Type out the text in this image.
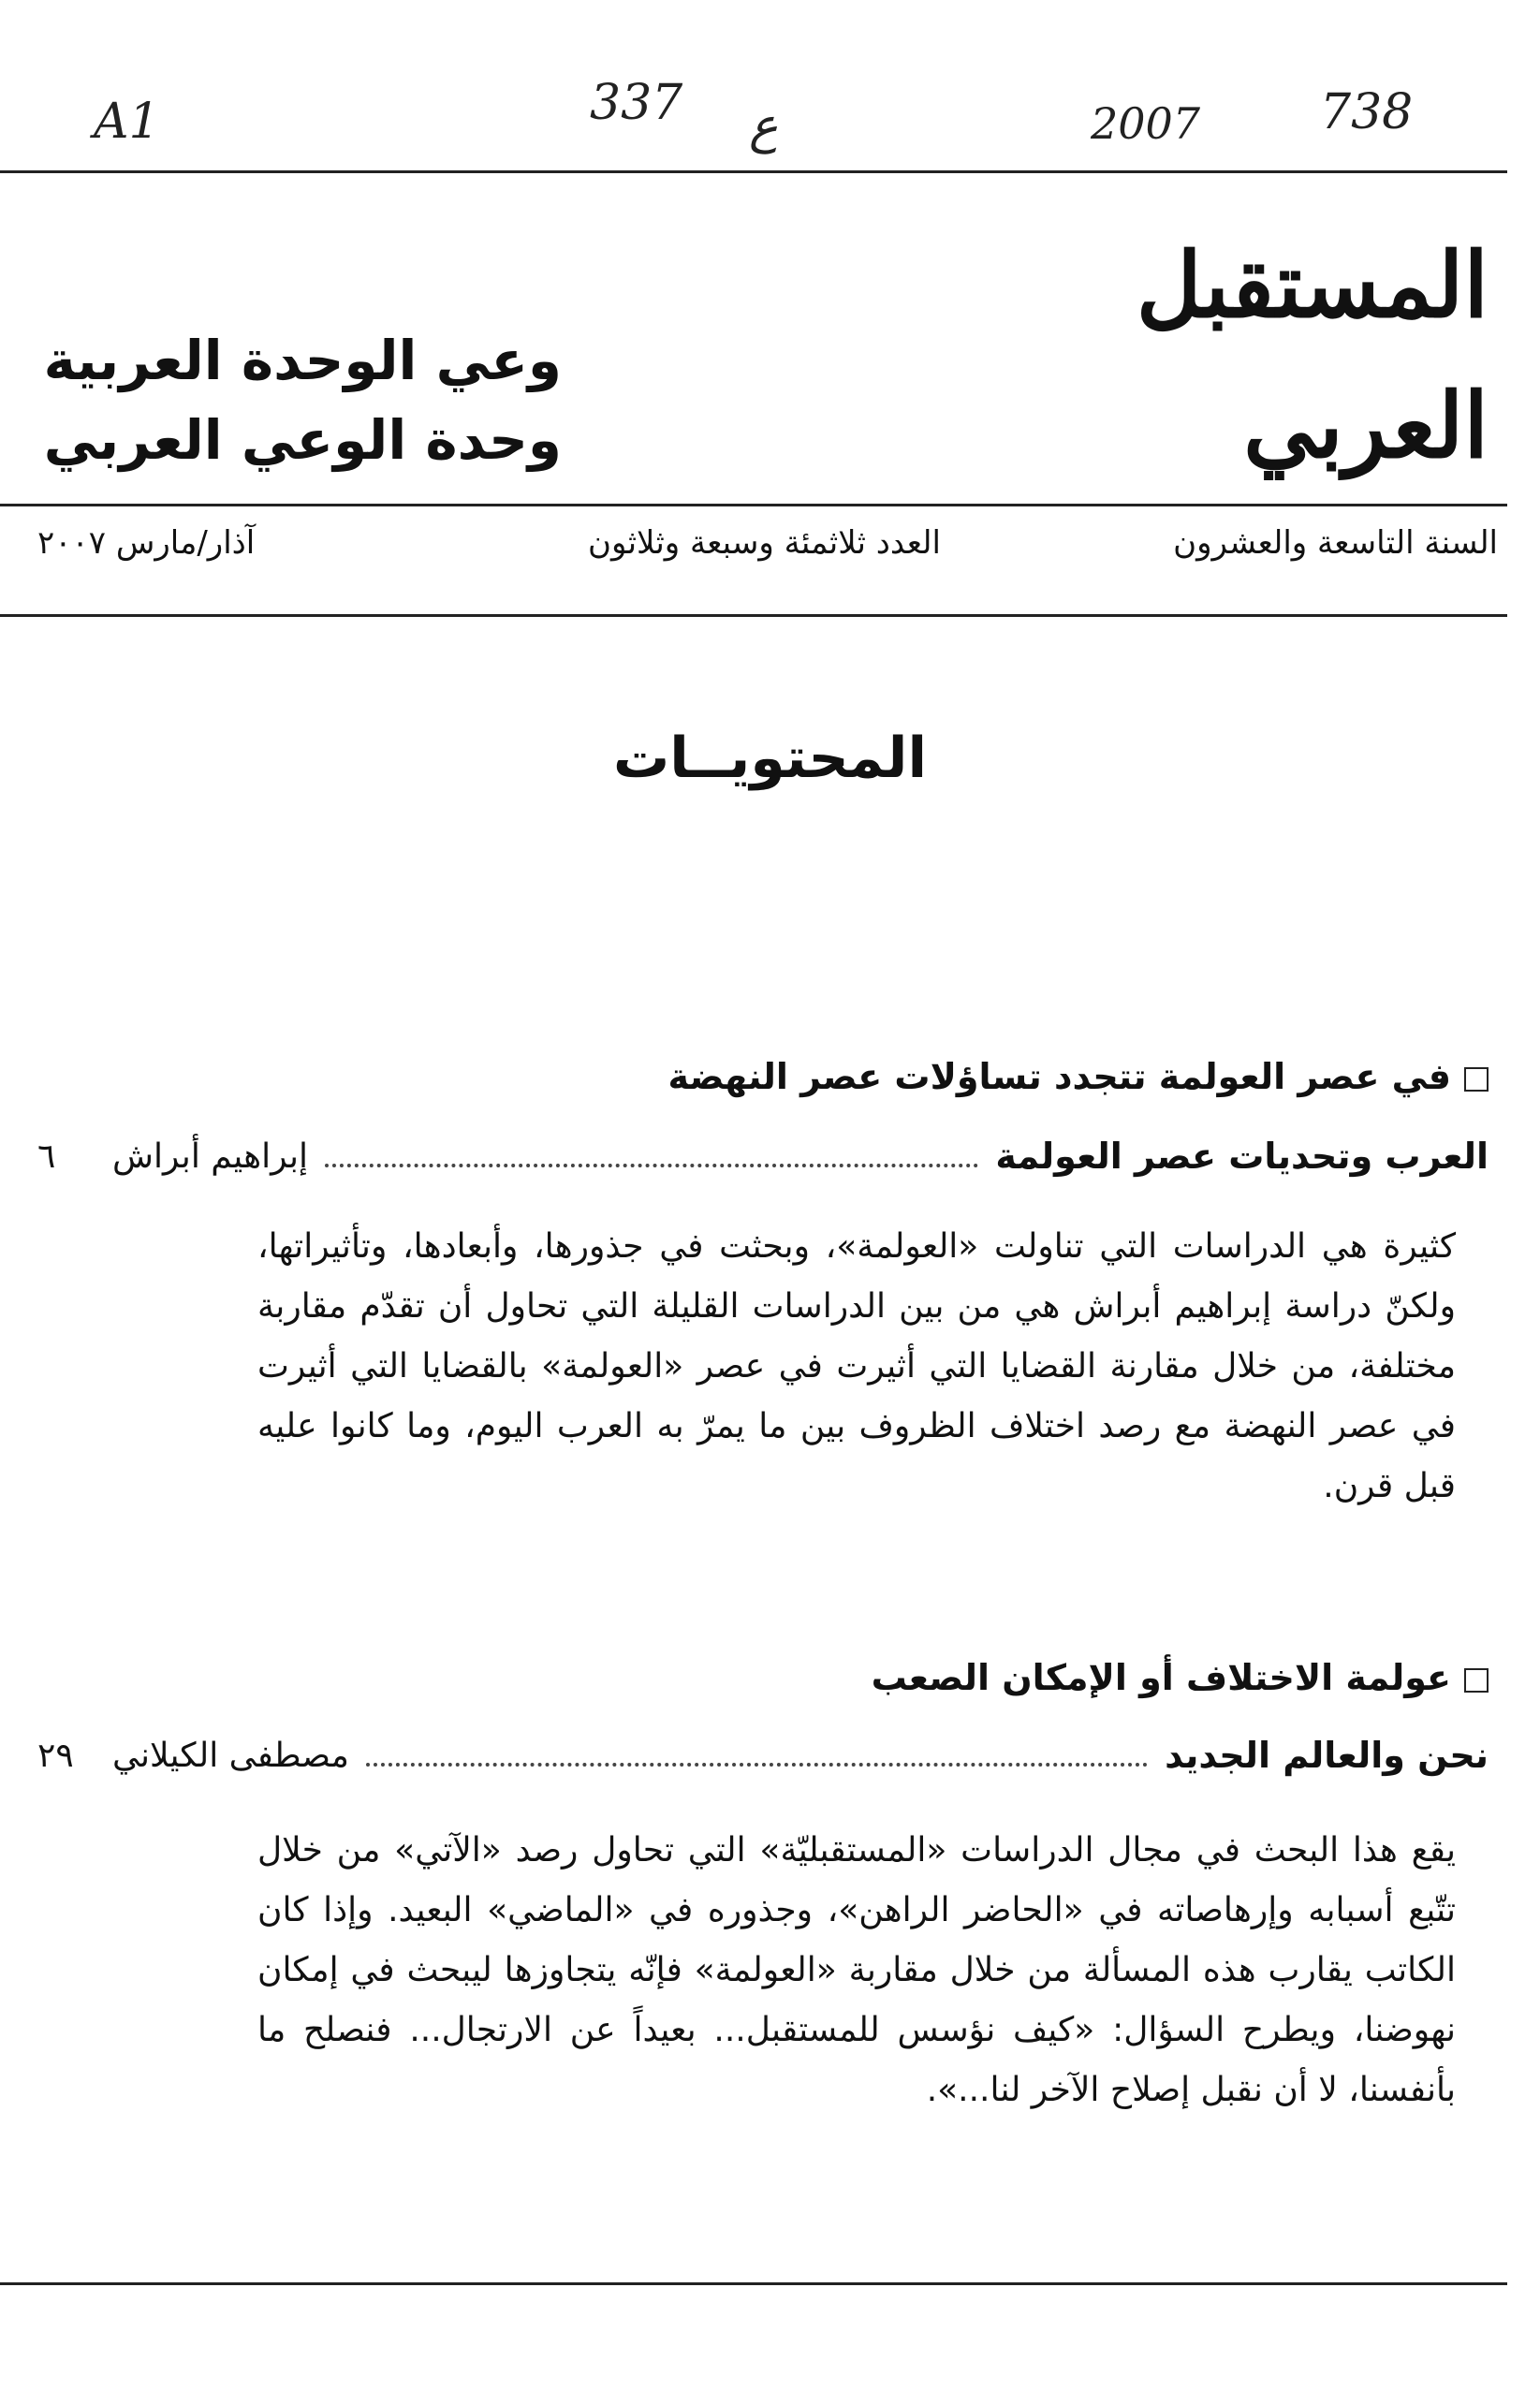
A1	337 ع	2007 738
المستقبل العربي
وعي الوحدة العربية
وحدة الوعي العربي
السنة التاسعة والعشرون
العدد ثلاثمئة وسبعة وثلاثون
آذار/مارس ٢٠٠٧
المحتويــات
في عصر العولمة تتجدد تساؤلات عصر النهضة
العرب وتحديات عصر العولمة
إبراهيم أبراش
٦
كثيرة هي الدراسات التي تناولت «العولمة»، وبحثت في جذورها، وأبعادها، وتأثيراتها، ولكنّ دراسة إبراهيم أبراش هي من بين الدراسات القليلة التي تحاول أن تقدّم مقاربة مختلفة، من خلال مقارنة القضايا التي أثيرت في عصر «العولمة» بالقضايا التي أثيرت في عصر النهضة مع رصد اختلاف الظروف بين ما يمرّ به العرب اليوم، وما كانوا عليه قبل قرن.
عولمة الاختلاف أو الإمكان الصعب
نحن والعالم الجديد
مصطفى الكيلاني
٢٩
يقع هذا البحث في مجال الدراسات «المستقبليّة» التي تحاول رصد «الآتي» من خلال تتّبع أسبابه وإرهاصاته في «الحاضر الراهن»، وجذوره في «الماضي» البعيد. وإذا كان الكاتب يقارب هذه المسألة من خلال مقاربة «العولمة» فإنّه يتجاوزها ليبحث في إمكان نهوضنا، ويطرح السؤال: «كيف نؤسس للمستقبل... بعيداً عن الارتجال... فنصلح ما بأنفسنا، لا أن نقبل إصلاح الآخر لنا...».
